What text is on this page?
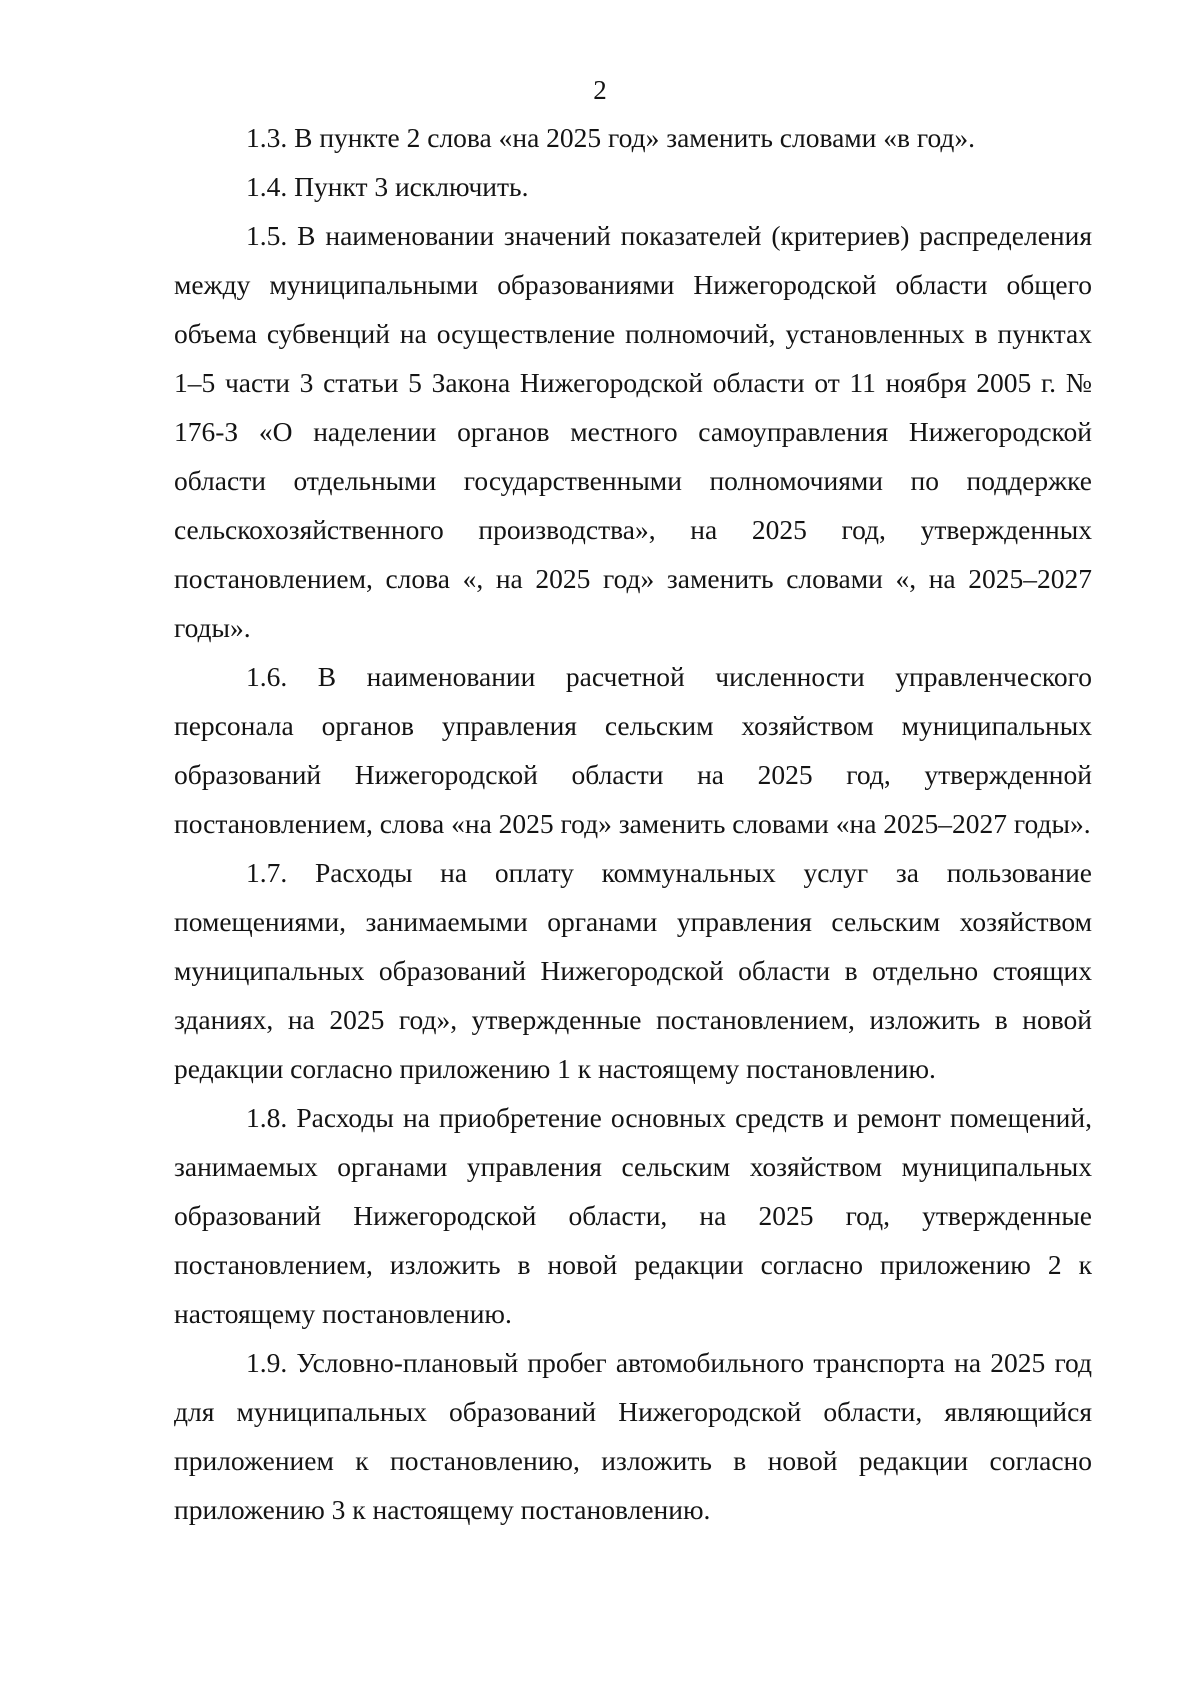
2

1.3. В пункте 2 слова «на 2025 год» заменить словами «в год».

1.4. Пункт 3 исключить.

1.5. В наименовании значений показателей (критериев) распределения между муниципальными образованиями Нижегородской области общего объема субвенций на осуществление полномочий, установленных в пунктах 1–5 части 3 статьи 5 Закона Нижегородской области от 11 ноября 2005 г. № 176-З «О наделении органов местного самоуправления Нижегородской области отдельными государственными полномочиями по поддержке сельскохозяйственного производства», на 2025 год, утвержденных постановлением, слова «, на 2025 год» заменить словами «, на 2025–2027 годы».

1.6. В наименовании расчетной численности управленческого персонала органов управления сельским хозяйством муниципальных образований Нижегородской области на 2025 год, утвержденной постановлением, слова «на 2025 год» заменить словами «на 2025–2027 годы».

1.7. Расходы на оплату коммунальных услуг за пользование помещениями, занимаемыми органами управления сельским хозяйством муниципальных образований Нижегородской области в отдельно стоящих зданиях, на 2025 год», утвержденные постановлением, изложить в новой редакции согласно приложению 1 к настоящему постановлению.

1.8. Расходы на приобретение основных средств и ремонт помещений, занимаемых органами управления сельским хозяйством муниципальных образований Нижегородской области, на 2025 год, утвержденные постановлением, изложить в новой редакции согласно приложению 2 к настоящему постановлению.

1.9. Условно-плановый пробег автомобильного транспорта на 2025 год для муниципальных образований Нижегородской области, являющийся приложением к постановлению, изложить в новой редакции согласно приложению 3 к настоящему постановлению.
